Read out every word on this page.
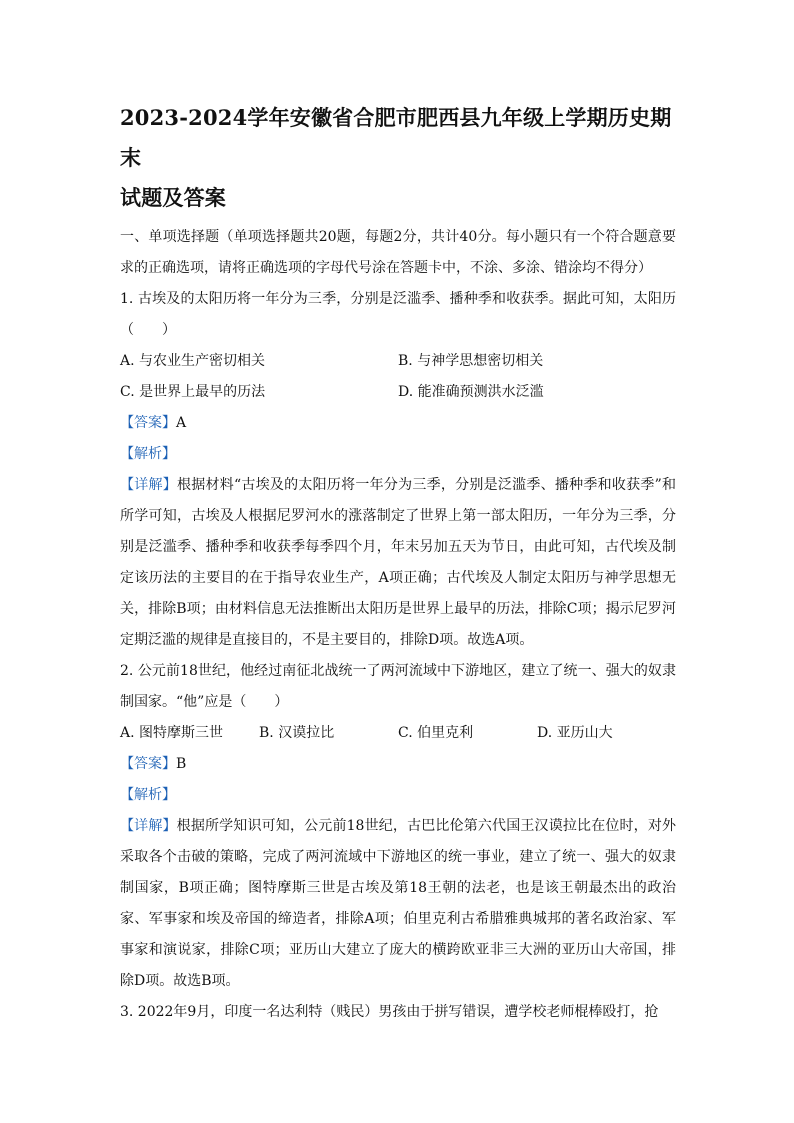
2023-2024学年安徽省合肥市肥西县九年级上学期历史期末
试题及答案

一、单项选择题（单项选择题共20题，每题2分，共计40分。每小题只有一个符合题意要求的正确选项，请将正确选项的字母代号涂在答题卡中，不涂、多涂、错涂均不得分）

1. 古埃及的太阳历将一年分为三季，分别是泛滥季、播种季和收获季。据此可知，太阳历（　　）

A. 与农业生产密切相关	B. 与神学思想密切相关
C. 是世界上最早的历法	D. 能准确预测洪水泛滥
【答案】A
【解析】

【详解】根据材料“古埃及的太阳历将一年分为三季，分别是泛滥季、播种季和收获季”和所学可知，古埃及人根据尼罗河水的涨落制定了世界上第一部太阳历，一年分为三季，分别是泛滥季、播种季和收获季每季四个月，年末另加五天为节日，由此可知，古代埃及制定该历法的主要目的在于指导农业生产，A项正确；古代埃及人制定太阳历与神学思想无关，排除B项；由材料信息无法推断出太阳历是世界上最早的历法，排除C项；揭示尼罗河定期泛滥的规律是直接目的，不是主要目的，排除D项。故选A项。

2. 公元前18世纪，他经过南征北战统一了两河流域中下游地区，建立了统一、强大的奴隶制国家。“他”应是（　　）

A. 图特摩斯三世	B. 汉谟拉比	C. 伯里克利	D. 亚历山大
【答案】B
【解析】

【详解】根据所学知识可知，公元前18世纪，古巴比伦第六代国王汉谟拉比在位时，对外采取各个击破的策略，完成了两河流域中下游地区的统一事业，建立了统一、强大的奴隶制国家，B项正确；图特摩斯三世是古埃及第18王朝的法老，也是该王朝最杰出的政治家、军事家和埃及帝国的缔造者，排除A项；伯里克利古希腊雅典城邦的著名政治家、军事家和演说家，排除C项；亚历山大建立了庞大的横跨欧亚非三大洲的亚历山大帝国，排除D项。故选B项。

3. 2022年9月，印度一名达利特（贱民）男孩由于拼写错误，遭学校老师棍棒殴打，抢
